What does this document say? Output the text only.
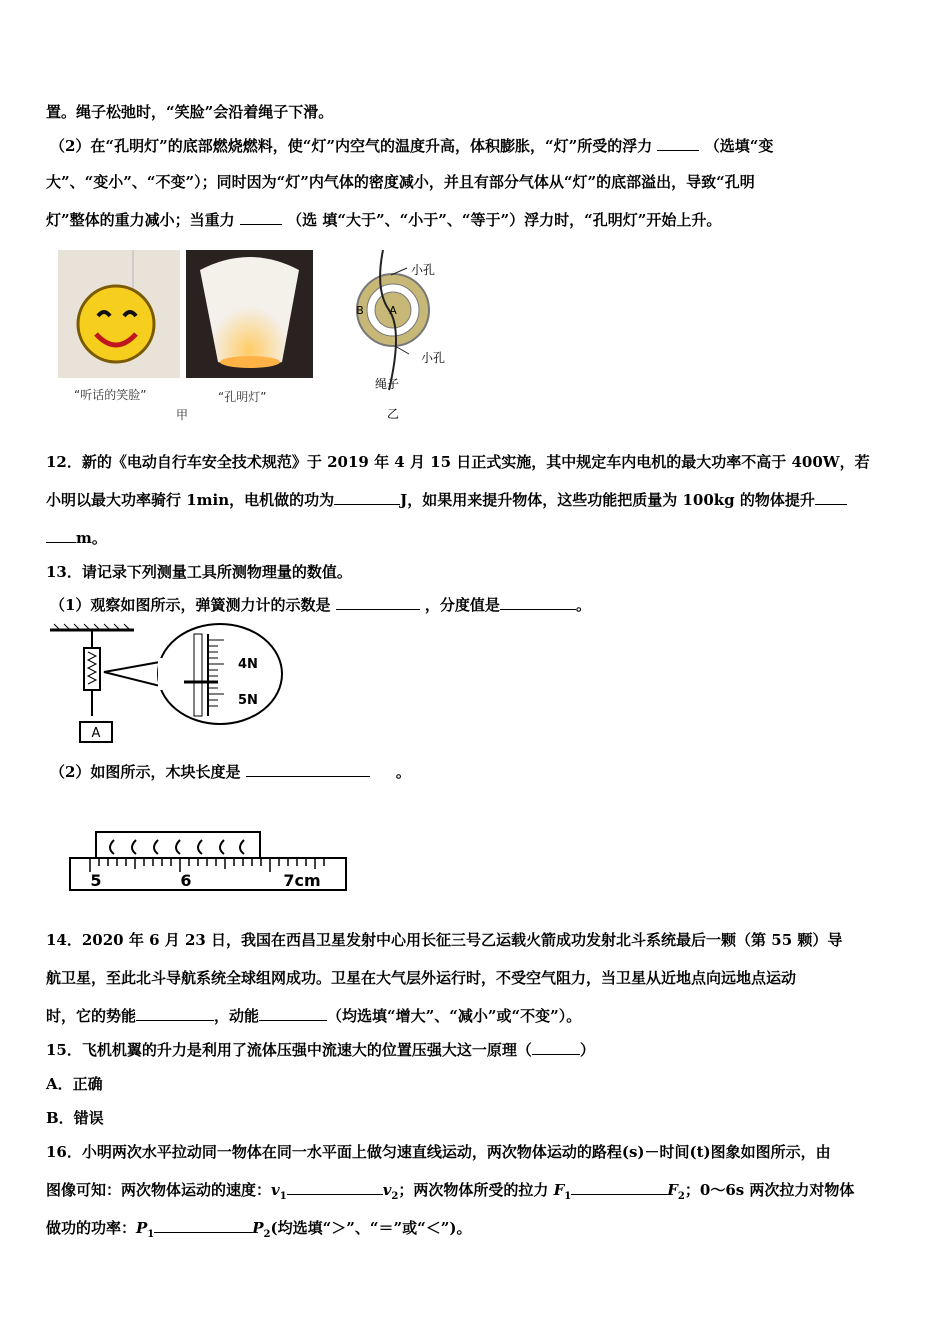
置。绳子松弛时，“笑脸”会沿着绳子下滑。
（2）在“孔明灯”的底部燃烧燃料，使“灯”内空气的温度升高，体积膨胀，“灯”所受的浮力	（选填“变
大”、“变小”、“不变”）；同时因为“灯”内气体的密度减小，并且有部分气体从“灯”的底部溢出，导致“孔明
灯”整体的重力减小；当重力	（选 填“大于”、“小于”、“等于”）浮力时，“孔明灯”开始上升。
“听话的笑脸”	“孔明灯”
甲
A
B
小孔
小孔
绳子
乙
12．新的《电动自行车安全技术规范》于 2019 年 4 月 15 日正式实施，其中规定车内电机的最大功率不高于 400W，若
小明以最大功率骑行 1min，电机做的功为	J，如果用来提升物体，这些功能把质量为 100kg 的物体提升
m。
13．请记录下列测量工具所测物理量的数值。
（1）观察如图所示，弹簧测力计的示数是	，分度值是	。
A
4N
5N
（2）如图所示，木块长度是	。
5	6	7cm
14．2020 年 6 月 23 日，我国在西昌卫星发射中心用长征三号乙运载火箭成功发射北斗系统最后一颗（第 55 颗）导
航卫星，至此北斗导航系统全球组网成功。卫星在大气层外运行时，不受空气阻力，当卫星从近地点向远地点运动
时，它的势能	，动能	（均选填“增大”、“减小”或“不变”）。
15．飞机机翼的升力是利用了流体压强中流速大的位置压强大这一原理（	）
A．正确
B．错误
16．小明两次水平拉动同一物体在同一水平面上做匀速直线运动，两次物体运动的路程(s)－时间(t)图象如图所示，由
图像可知：两次物体运动的速度：$v_1$	$v_2$；两次物体所受的拉力 $F_1$	$F_2$；0～6s 两次拉力对物体
做功的功率：$P_1$	$P_2$(均选填“＞”、“＝”或“＜”)。
